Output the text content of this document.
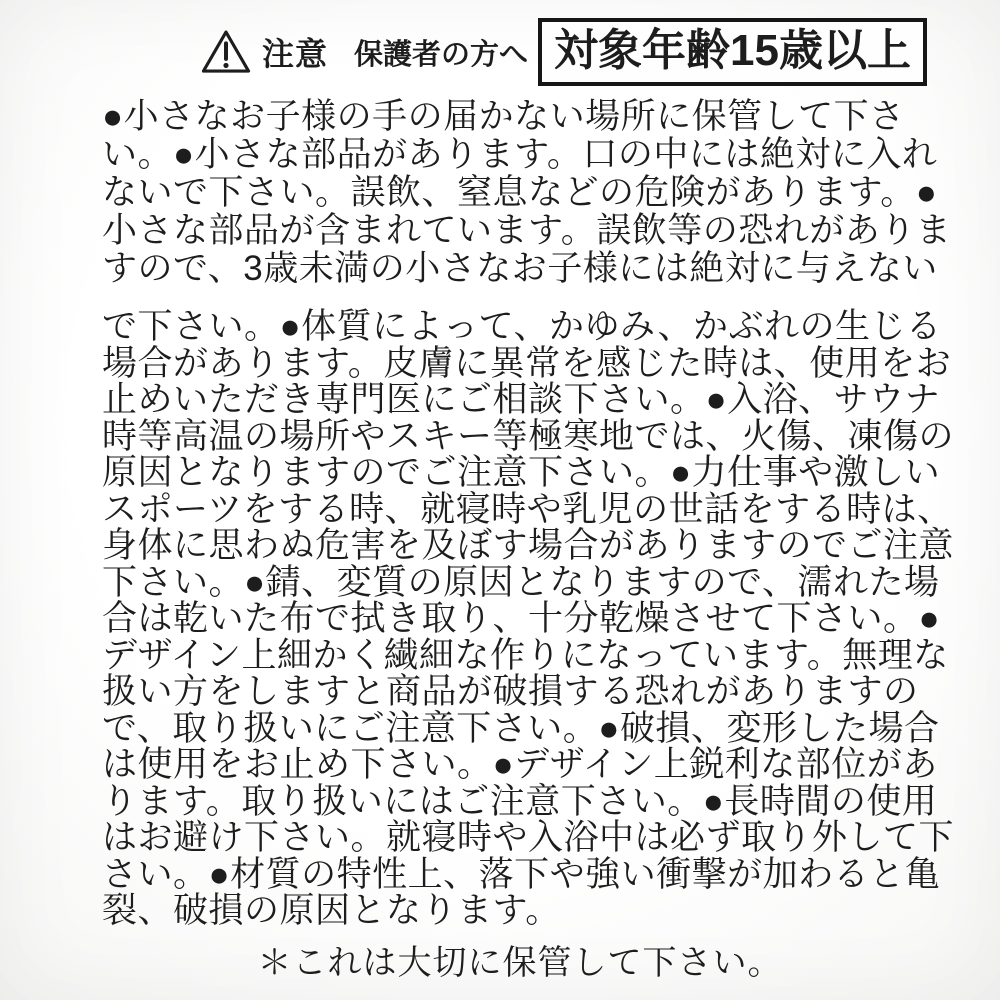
注意 保護者の方へ 対象年齢15歳以上
●小さなお子様の手の届かない場所に保管して下さ
い。●小さな部品があります。口の中には絶対に入れ
ないで下さい。誤飲、窒息などの危険があります。●
小さな部品が含まれています。誤飲等の恐れがありま
すので、3歳未満の小さなお子様には絶対に与えない
で下さい。●体質によって、かゆみ、かぶれの生じる
場合があります。皮膚に異常を感じた時は、使用をお
止めいただき専門医にご相談下さい。●入浴、サウナ
時等高温の場所やスキー等極寒地では、火傷、凍傷の
原因となりますのでご注意下さい。●力仕事や激しい
スポーツをする時、就寝時や乳児の世話をする時は、
身体に思わぬ危害を及ぼす場合がありますのでご注意
下さい。●錆、変質の原因となりますので、濡れた場
合は乾いた布で拭き取り、十分乾燥させて下さい。●
デザイン上細かく繊細な作りになっています。無理な
扱い方をしますと商品が破損する恐れがありますの
で、取り扱いにご注意下さい。●破損、変形した場合
は使用をお止め下さい。●デザイン上鋭利な部位があ
ります。取り扱いにはご注意下さい。●長時間の使用
はお避け下さい。就寝時や入浴中は必ず取り外して下
さい。●材質の特性上、落下や強い衝撃が加わると亀
裂、破損の原因となります。
＊これは大切に保管して下さい。
